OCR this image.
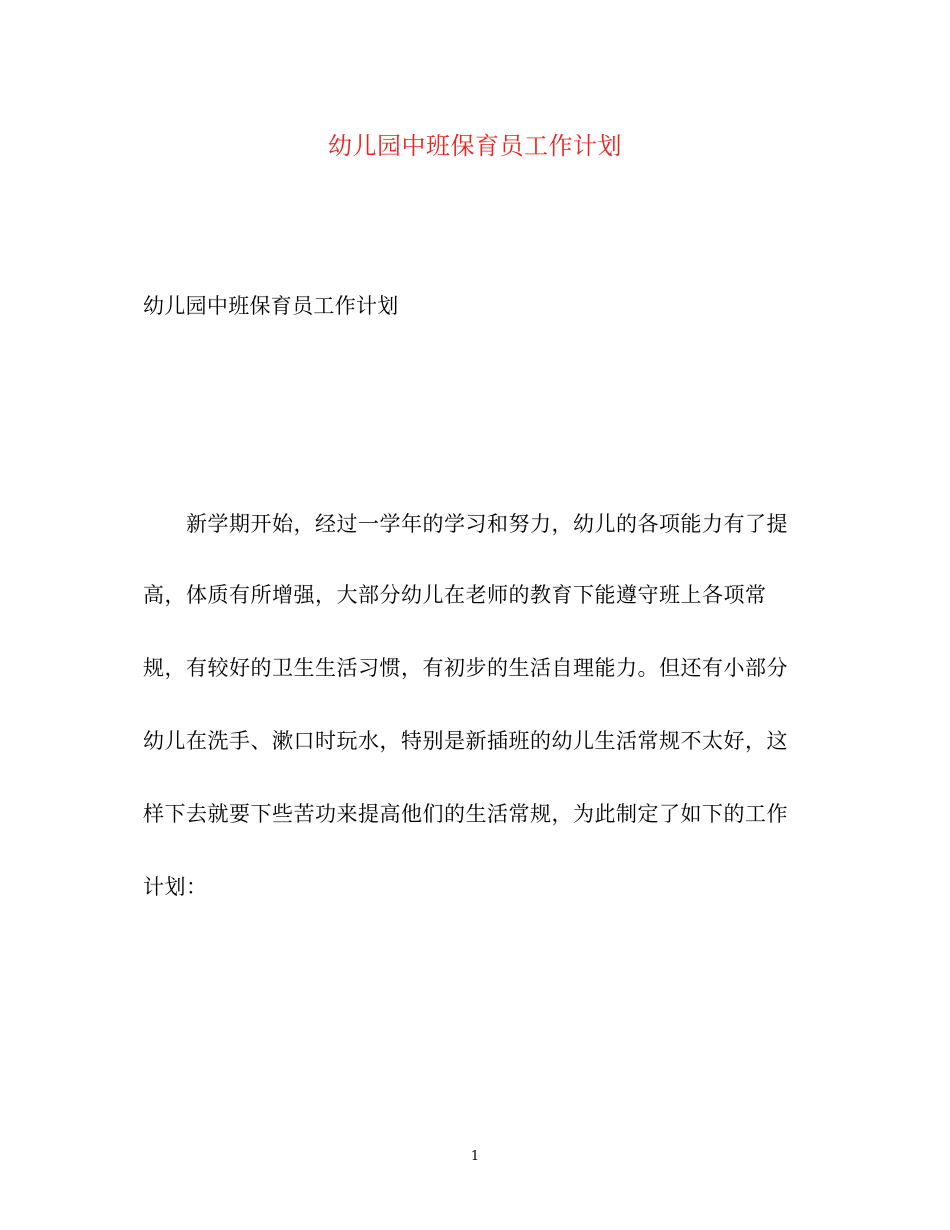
幼儿园中班保育员工作计划

幼儿园中班保育员工作计划

新学期开始，经过一学年的学习和努力，幼儿的各项能力有了提

高，体质有所增强，大部分幼儿在老师的教育下能遵守班上各项常

规，有较好的卫生生活习惯，有初步的生活自理能力。但还有小部分

幼儿在洗手、漱口时玩水，特别是新插班的幼儿生活常规不太好，这

样下去就要下些苦功来提高他们的生活常规，为此制定了如下的工作

计划：

1
